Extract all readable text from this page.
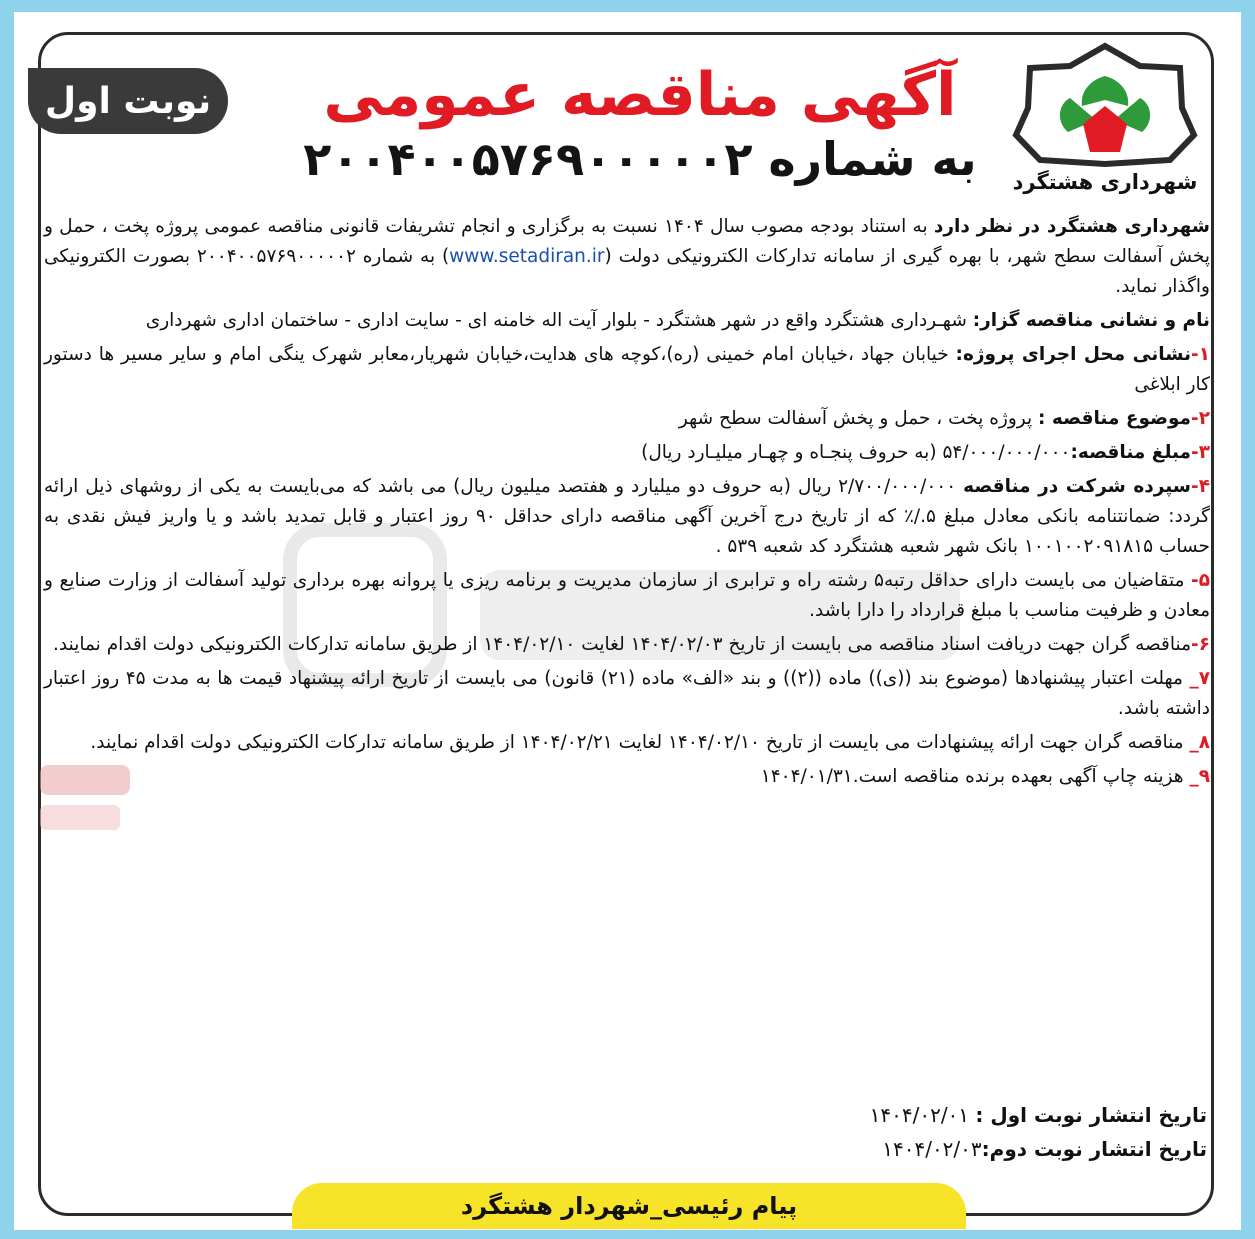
نوبت اول
شهرداری هشتگرد
آگهی مناقصه عمومی
به شماره ۲۰۰۴۰۰۵۷۶۹۰۰۰۰۰۲

شهرداری هشتگرد در نظر دارد به استناد بودجه مصوب سال ۱۴۰۴ نسبت به برگزاری و انجام تشریفات قانونی مناقصه عمومی پروژه پخت ، حمل و پخش آسفالت سطح شهر، با بهره گیری از سامانه تدارکات الکترونیکی دولت (www.setadiran.ir) به شماره ۲۰۰۴۰۰۵۷۶۹۰۰۰۰۰۲ بصورت الکترونیکی واگذار نماید.

نام و نشانی مناقصه گزار: شهـرداری هشتگرد واقع در شهر هشتگرد - بلوار آیت اله خامنه ای - سایت اداری - ساختمان اداری شهرداری

۱-نشانی محل اجرای پروژه: خیابان جهاد ،خیابان امام خمینی (ره)،کوچه های هدایت،خیابان شهریار،معابر شهرک ینگی امام و سایر مسیر ها دستور کار ابلاغی

۲-موضوع مناقصه : پروژه پخت ، حمل و پخش آسفالت سطح شهر

۳-مبلغ مناقصه:۵۴/۰۰۰/۰۰۰/۰۰۰ (به حروف پنجـاه و چهـار میلیـارد ریال)

۴-سپرده شرکت در مناقصه ۲/۷۰۰/۰۰۰/۰۰۰ ریال (به حروف دو میلیارد و هفتصد میلیون ریال) می باشد که می‌بایست به یکی از روشهای ذیل ارائه گردد: ضمانتنامه بانکی معادل مبلغ ۵./٪ که از تاریخ درج آخرین آگهی مناقصه دارای حداقل ۹۰ روز اعتبار و قابل تمدید باشد و یا واریز فیش نقدی به حساب ۱۰۰۱۰۰۲۰۹۱۸۱۵ بانک شهر شعبه هشتگرد کد شعبه ۵۳۹ .

۵- متقاضیان می بایست دارای حداقل رتبه۵ رشته راه و ترابری از سازمان مدیریت و برنامه ریزی یا پروانه بهره برداری تولید آسفالت از وزارت صنایع و معادن و ظرفیت مناسب با مبلغ قرارداد را دارا باشد.

۶-مناقصه گران جهت دریافت اسناد مناقصه می بایست از تاریخ ۱۴۰۴/۰۲/۰۳ لغایت ۱۴۰۴/۰۲/۱۰ از طریق سامانه تدارکات الکترونیکی دولت اقدام نمایند.

۷_ مهلت اعتبار پیشنهادها (موضوع بند ((ی)) ماده ((۲)) و بند «الف» ماده (۲۱) قانون) می بایست از تاریخ ارائه پیشنهاد قیمت ها به مدت ۴۵ روز اعتبار داشته باشد.

۸_ مناقصه گران جهت ارائه پیشنهادات می بایست از تاریخ ۱۴۰۴/۰۲/۱۰ لغایت ۱۴۰۴/۰۲/۲۱ از طریق سامانه تدارکات الکترونیکی دولت اقدام نمایند.

۹_ هزینه چاپ آگهی بعهده برنده مناقصه است.۱۴۰۴/۰۱/۳۱

تاریخ انتشار نوبت اول : ۱۴۰۴/۰۲/۰۱
تاریخ انتشار نوبت دوم:۱۴۰۴/۰۲/۰۳
پیام رئیسی_شهردار هشتگرد
